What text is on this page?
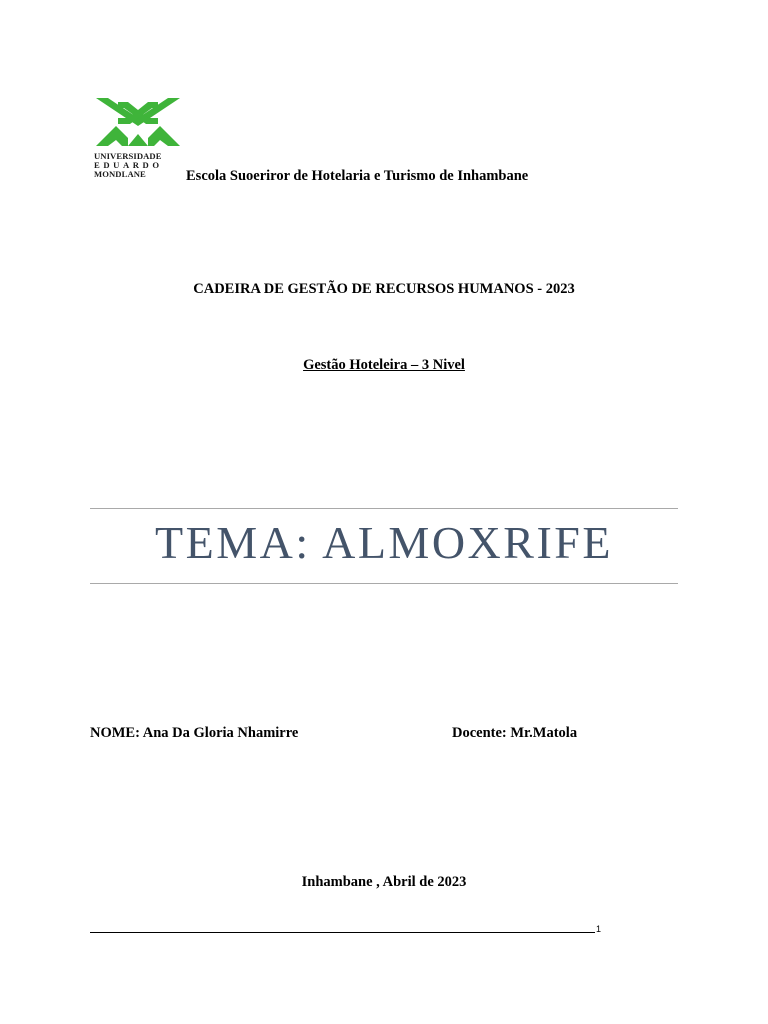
UNIVERSIDADE
EDUARDO
MONDLANE	Escola Suoeriror de Hotelaria e Turismo de Inhambane
CADEIRA DE GESTÃO DE RECURSOS HUMANOS - 2023
Gestão Hoteleira – 3 Nivel
TEMA: ALMOXRIFE
NOME: Ana Da Gloria Nhamirre	Docente: Mr.Matola
Inhambane , Abril de 2023
1
